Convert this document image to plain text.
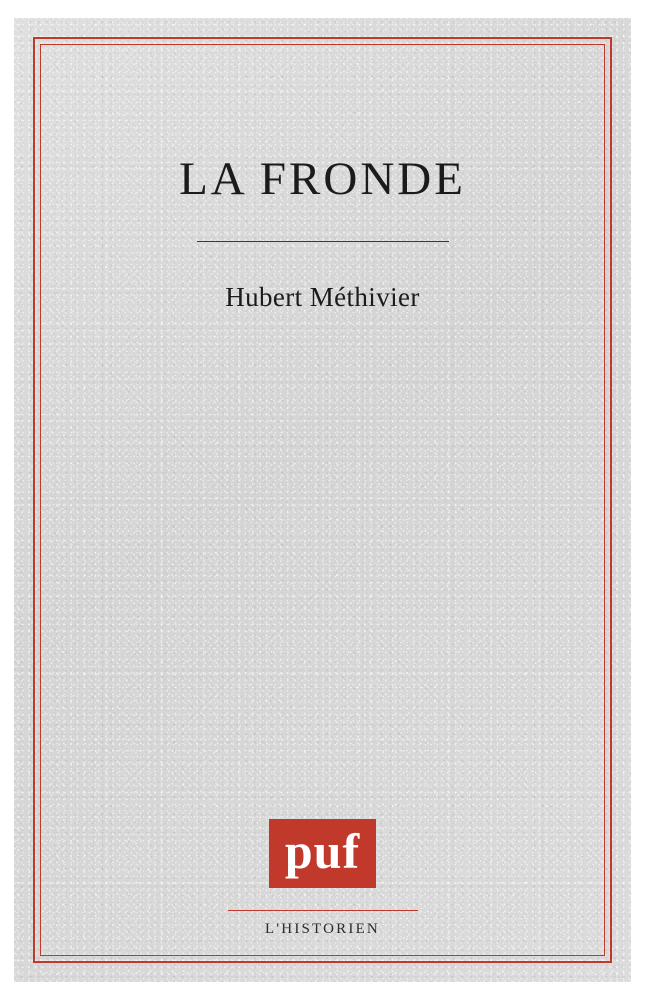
LA FRONDE
Hubert Méthivier
puf
L'HISTORIEN
